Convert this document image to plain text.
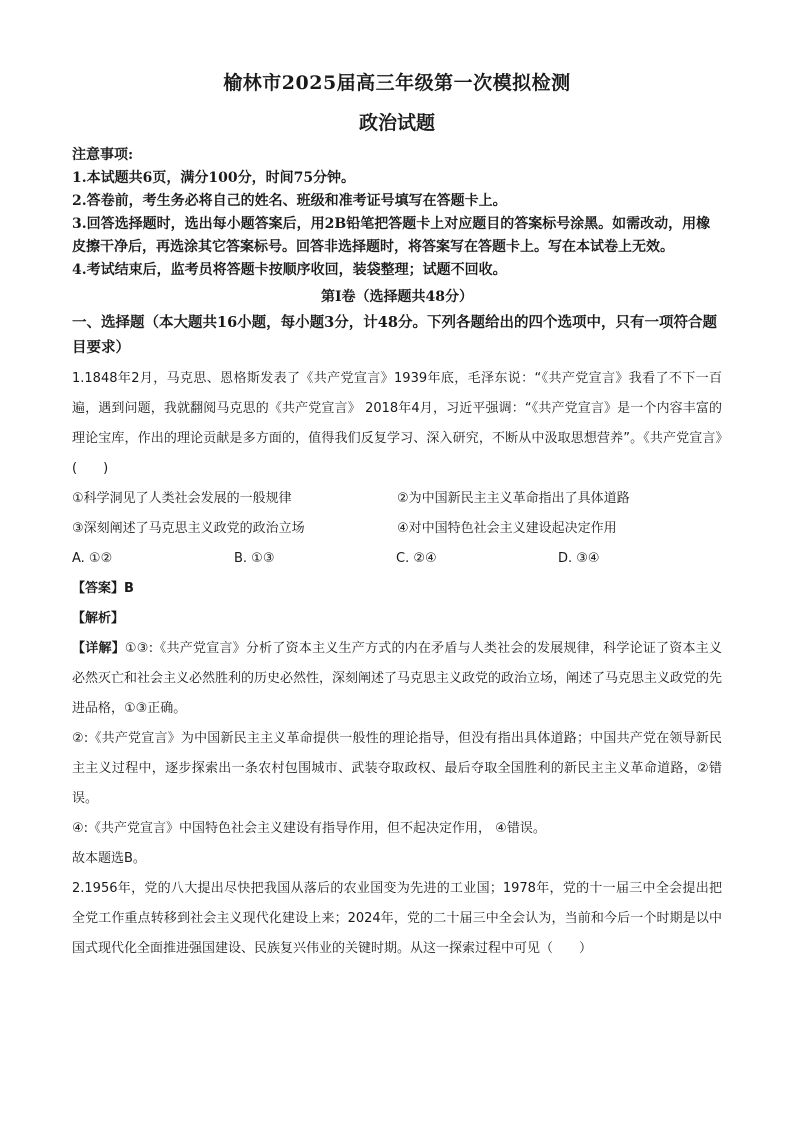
榆林市2025届高三年级第一次模拟检测
政治试题

注意事项:

1.本试题共6页，满分100分，时间75分钟。

2.答卷前，考生务必将自己的姓名、班级和准考证号填写在答题卡上。

3.回答选择题时，选出每小题答案后，用2B铅笔把答题卡上对应题目的答案标号涂黑。如需改动，用橡皮擦干净后，再选涂其它答案标号。回答非选择题时，将答案写在答题卡上。写在本试卷上无效。

4.考试结束后，监考员将答题卡按顺序收回，装袋整理；试题不回收。

第Ⅰ卷（选择题共48分）

一、选择题（本大题共16小题，每小题3分，计48分。下列各题给出的四个选项中，只有一项符合题目要求）

1.1848年2月，马克思、恩格斯发表了《共产党宣言》1939年底，毛泽东说：“《共产党宣言》我看了不下一百遍，遇到问题，我就翻阅马克思的《共产党宣言》 2018年4月，习近平强调：“《共产党宣言》是一个内容丰富的理论宝库，作出的理论贡献是多方面的，值得我们反复学习、深入研究，不断从中汲取思想营养”。《共产党宣言》(　　)

①科学洞见了人类社会发展的一般规律	②为中国新民主主义革命指出了具体道路
③深刻阐述了马克思主义政党的政治立场	④对中国特色社会主义建设起决定作用
A. ①②	B. ①③	C. ②④	D. ③④

【答案】B

【解析】

【详解】①③:《共产党宣言》分析了资本主义生产方式的内在矛盾与人类社会的发展规律，科学论证了资本主义必然灭亡和社会主义必然胜利的历史必然性，深刻阐述了马克思主义政党的政治立场，阐述了马克思主义政党的先进品格，①③正确。

②:《共产党宣言》为中国新民主主义革命提供一般性的理论指导，但没有指出具体道路；中国共产党在领导新民主主义过程中，逐步探索出一条农村包围城市、武装夺取政权、最后夺取全国胜利的新民主主义革命道路，②错误。

④:《共产党宣言》中国特色社会主义建设有指导作用，但不起决定作用， ④错误。

故本题选B。

2.1956年，党的八大提出尽快把我国从落后的农业国变为先进的工业国；1978年，党的十一届三中全会提出把全党工作重点转移到社会主义现代化建设上来；2024年，党的二十届三中全会认为，当前和今后一个时期是以中国式现代化全面推进强国建设、民族复兴伟业的关键时期。从这一探索过程中可见（　　）
